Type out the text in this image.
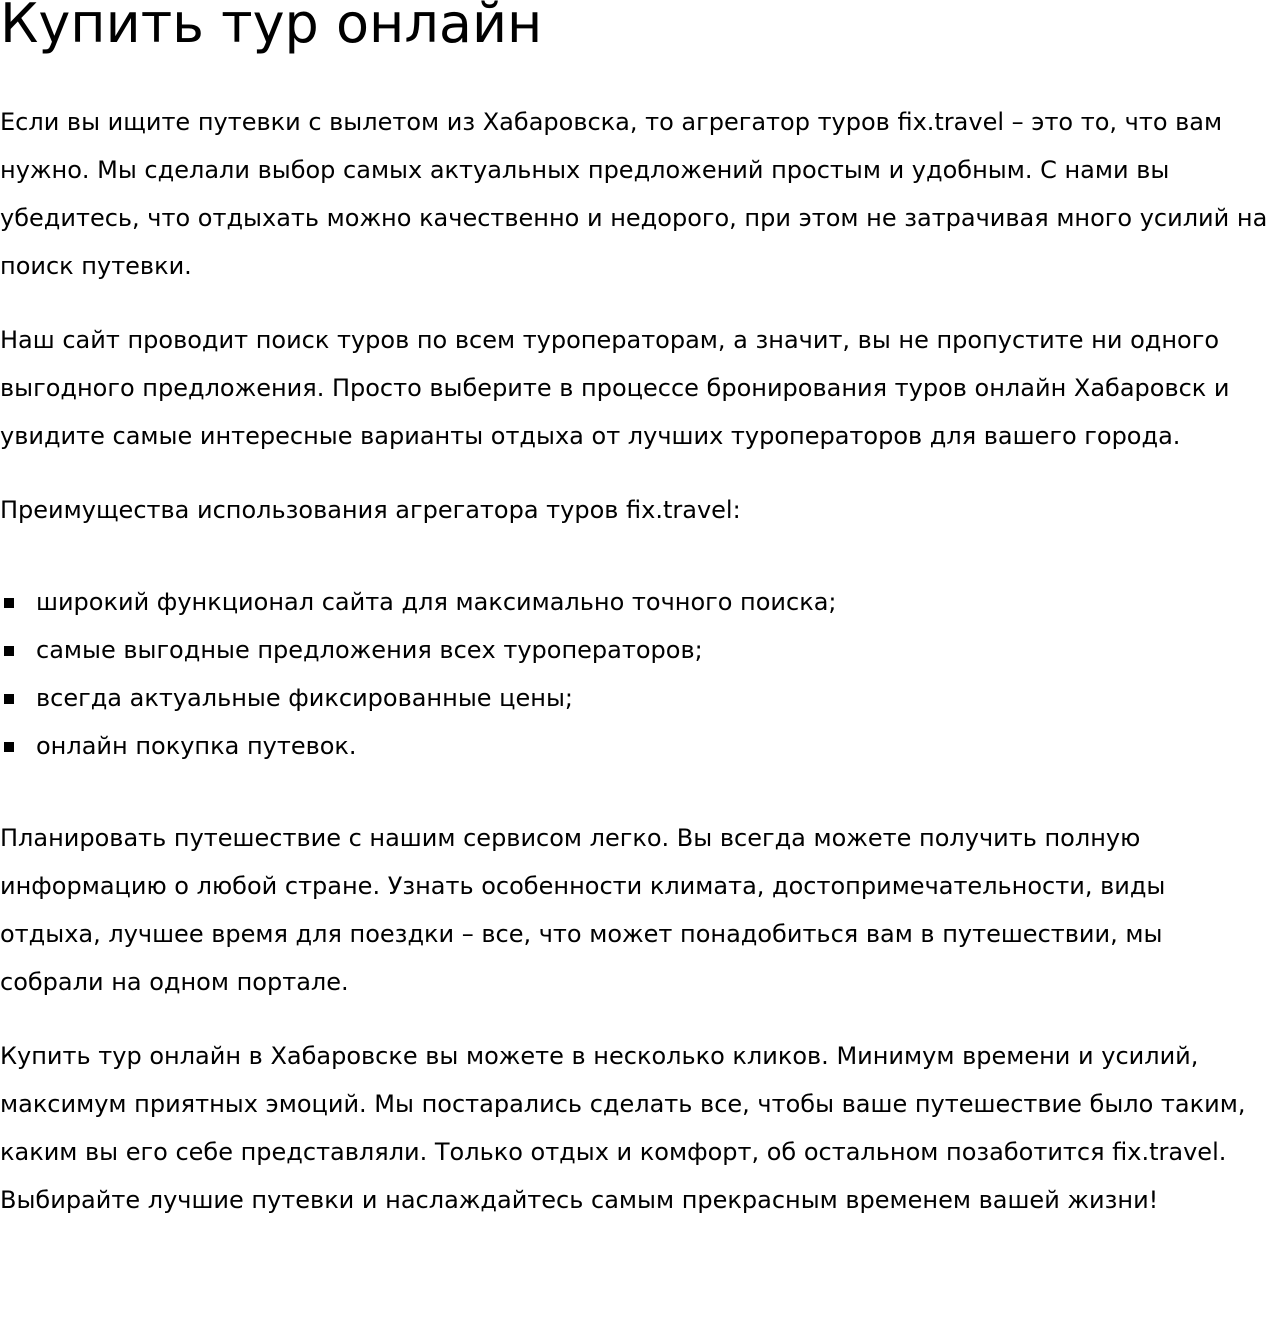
Купить тур онлайн

Если вы ищите путевки с вылетом из Хабаровска, то агрегатор туров fix.travel – это то, что вам нужно. Мы сделали выбор самых актуальных предложений простым и удобным. С нами вы убедитесь, что отдыхать можно качественно и недорого, при этом не затрачивая много усилий на поиск путевки.

Наш сайт проводит поиск туров по всем туроператорам, а значит, вы не пропустите ни одного выгодного предложения. Просто выберите в процессе бронирования туров онлайн Хабаровск и увидите самые интересные варианты отдыха от лучших туроператоров для вашего города.

Преимущества использования агрегатора туров fix.travel:

широкий функционал сайта для максимально точного поиска;
самые выгодные предложения всех туроператоров;
всегда актуальные фиксированные цены;
онлайн покупка путевок.

Планировать путешествие с нашим сервисом легко. Вы всегда можете получить полную информацию о любой стране. Узнать особенности климата, достопримечательности, виды отдыха, лучшее время для поездки – все, что может понадобиться вам в путешествии, мы собрали на одном портале.

Купить тур онлайн в Хабаровске вы можете в несколько кликов. Минимум времени и усилий, максимум приятных эмоций. Мы постарались сделать все, чтобы ваше путешествие было таким, каким вы его себе представляли. Только отдых и комфорт, об остальном позаботится fix.travel. Выбирайте лучшие путевки и наслаждайтесь самым прекрасным временем вашей жизни!
